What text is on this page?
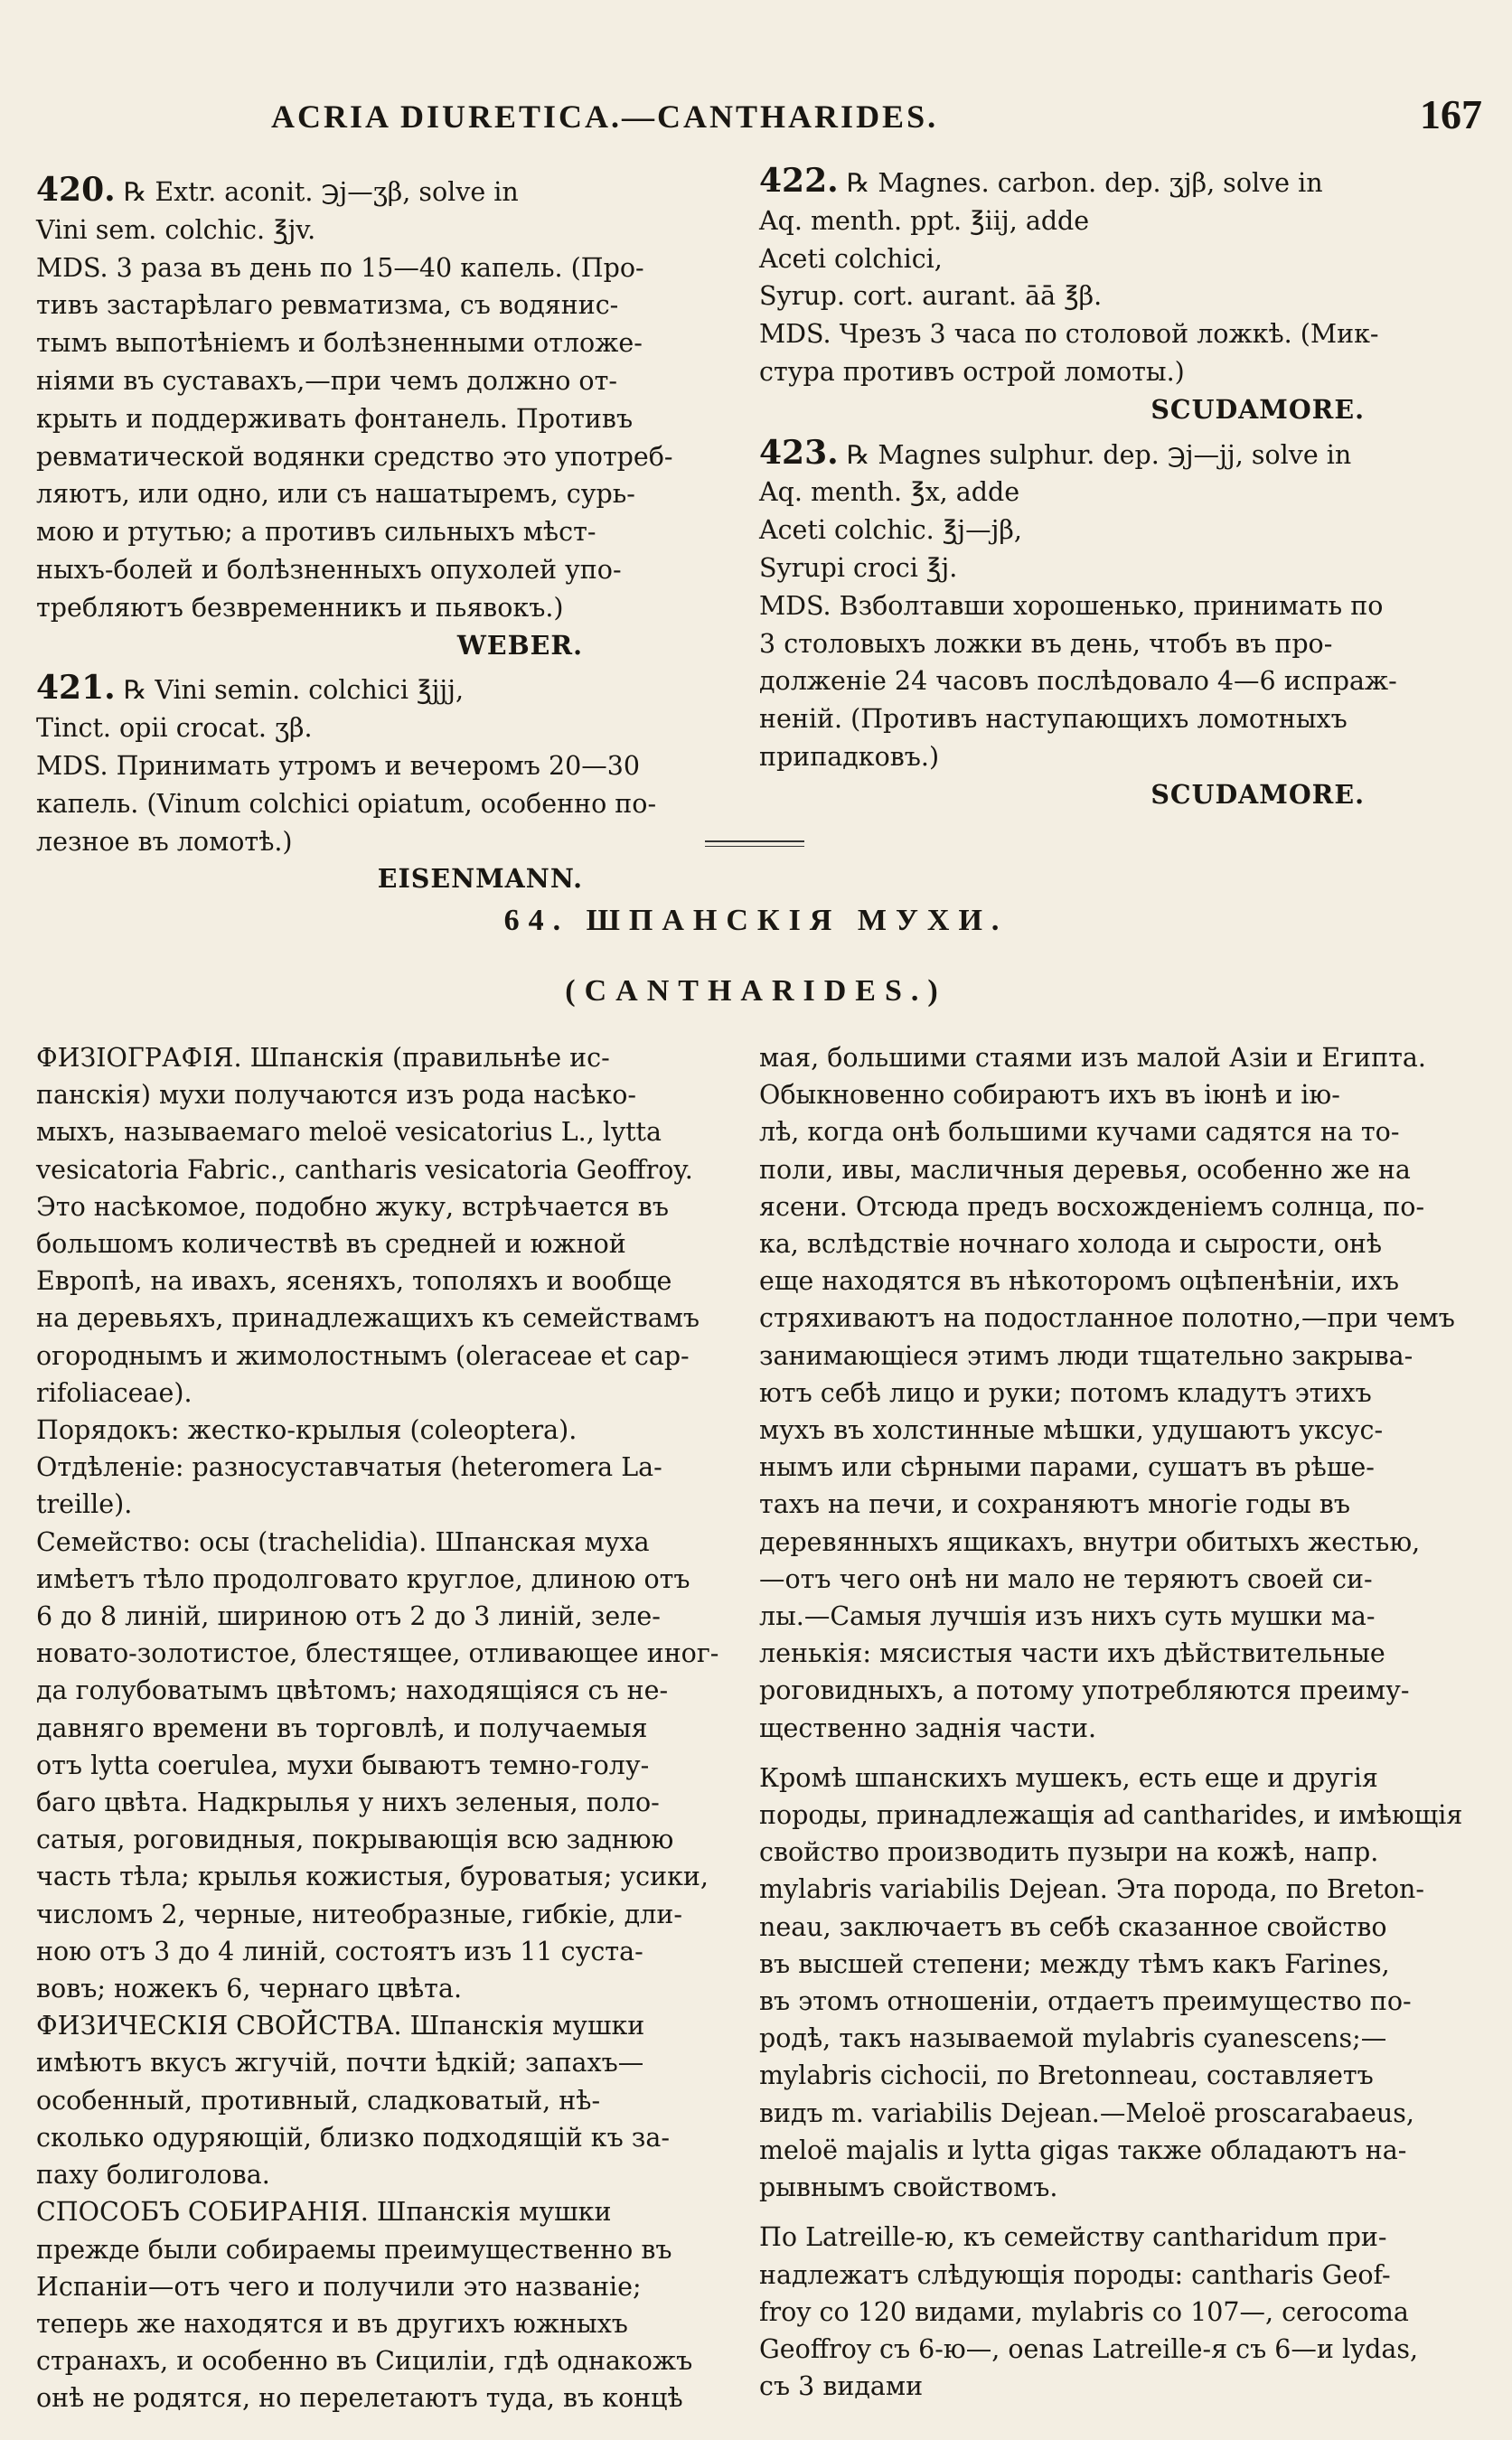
ACRIA DIURETICA.—CANTHARIDES.	167
420. ℞ Extr. aconit. ℈j—ʒβ, solve in
Vini sem. colchic. ℥jv.
MDS. 3 раза въ день по 15—40 капель. (Про-
тивъ застарѣлаго ревматизма, съ водянис-
тымъ выпотѣніемъ и болѣзненными отложе-
ніями въ суставахъ,—при чемъ должно от-
крыть и поддерживать фонтанель. Противъ
ревматической водянки средство это употреб-
ляютъ, или одно, или съ нашатыремъ, сурь-
мою и ртутью; а противъ сильныхъ мѣст-
ныхъ-болей и болѣзненныхъ опухолей упо-
требляютъ безвременникъ и пьявокъ.)
WEBER.
421. ℞ Vini semin. colchici ℥jjj,
Tinct. opii crocat. ʒβ.
MDS. Принимать утромъ и вечеромъ 20—30
капель. (Vinum colchici opiatum, особенно по-
лезное въ ломотѣ.)
EISENMANN.
422. ℞ Magnes. carbon. dep. ʒjβ, solve in
Aq. menth. ppt. ℥iij, adde
Aceti colchici,
Syrup. cort. aurant. āā ℥β.
MDS. Чрезъ 3 часа по столовой ложкѣ. (Мик-
стура противъ острой ломоты.)
SCUDAMORE.
423. ℞ Magnes sulphur. dep. ℈j—jj, solve in
Aq. menth. ℥x, adde
Aceti colchic. ℥j—jβ,
Syrupi croci ℥j.
MDS. Взболтавши хорошенько, принимать по
3 столовыхъ ложки въ день, чтобъ въ про-
долженіе 24 часовъ послѣдовало 4—6 испраж-
неній. (Противъ наступающихъ ломотныхъ
припадковъ.)
SCUDAMORE.
64. ШПАНСКІЯ МУХИ.
(CANTHARIDES.)
ФИЗІОГРАФІЯ. Шпанскія (правильнѣе ис-
панскія) мухи получаются изъ рода насѣко-
мыхъ, называемаго meloë vesicatorius L., lytta
vesicatoria Fabric., cantharis vesicatoria Geoffroy.
Это насѣкомое, подобно жуку, встрѣчается въ
большомъ количествѣ въ средней и южной
Европѣ, на ивахъ, ясеняхъ, тополяхъ и вообще
на деревьяхъ, принадлежащихъ къ семействамъ
огороднымъ и жимолостнымъ (oleraceae et cap-
rifoliaceae).
Порядокъ: жестко-крылыя (coleoptera).
Отдѣленіе: разносуставчатыя (heteromera La-
treille).
Семейство: осы (trachelidia). Шпанская муха
имѣетъ тѣло продолговато круглое, длиною отъ
6 до 8 линій, шириною отъ 2 до 3 линій, зеле-
новато-золотистое, блестящее, отливающее иног-
да голубоватымъ цвѣтомъ; находящіяся съ не-
давняго времени въ торговлѣ, и получаемыя
отъ lytta coerulea, мухи бываютъ темно-голу-
баго цвѣта. Надкрылья у нихъ зеленыя, поло-
сатыя, роговидныя, покрывающія всю заднюю
часть тѣла; крылья кожистыя, буроватыя; усики,
числомъ 2, черные, нитеобразные, гибкіе, дли-
ною отъ 3 до 4 линій, состоятъ изъ 11 суста-
вовъ; ножекъ 6, чернаго цвѣта.
ФИЗИЧЕСКІЯ СВОЙСТВА. Шпанскія мушки
имѣютъ вкусъ жгучій, почти ѣдкій; запахъ—
особенный, противный, сладковатый, нѣ-
сколько одуряющій, близко подходящій къ за-
паху болиголова.
СПОСОБЪ СОБИРАНІЯ. Шпанскія мушки
прежде были собираемы преимущественно въ
Испаніи—отъ чего и получили это названіе;
теперь же находятся и въ другихъ южныхъ
странахъ, и особенно въ Сициліи, гдѣ однакожъ
онѣ не родятся, но перелетаютъ туда, въ концѣ
мая, большими стаями изъ малой Азіи и Египта.
Обыкновенно собираютъ ихъ въ іюнѣ и ію-
лѣ, когда онѣ большими кучами садятся на то-
поли, ивы, масличныя деревья, особенно же на
ясени. Отсюда предъ восхожденіемъ солнца, по-
ка, вслѣдствіе ночнаго холода и сырости, онѣ
еще находятся въ нѣкоторомъ оцѣпенѣніи, ихъ
стряхиваютъ на подостланное полотно,—при чемъ
занимающіеся этимъ люди тщательно закрыва-
ютъ себѣ лицо и руки; потомъ кладутъ этихъ
мухъ въ холстинные мѣшки, удушаютъ уксус-
нымъ или сѣрными парами, сушатъ въ рѣше-
тахъ на печи, и сохраняютъ многіе годы въ
деревянныхъ ящикахъ, внутри обитыхъ жестью,
—отъ чего онѣ ни мало не теряютъ своей си-
лы.—Самыя лучшія изъ нихъ суть мушки ма-
ленькія: мясистыя части ихъ дѣйствительные
роговидныхъ, а потому употребляются преиму-
щественно заднія части.
Кромѣ шпанскихъ мушекъ, есть еще и другія
породы, принадлежащія ad cantharides, и имѣющія
свойство производить пузыри на кожѣ, напр.
mylabris variabilis Dejean. Эта порода, по Breton-
neau, заключаетъ въ себѣ сказанное свойство
въ высшей степени; между тѣмъ какъ Farines,
въ этомъ отношеніи, отдаетъ преимущество по-
родѣ, такъ называемой mylabris cyanescens;—
mylabris cichocii, по Bretonneau, составляетъ
видъ m. variabilis Dejean.—Meloë proscarabaeus,
meloë majalis и lytta gigas также обладаютъ на-
рывнымъ свойствомъ.
По Latreille-ю, къ семейству cantharidum при-
надлежатъ слѣдующія породы: cantharis Geof-
froy со 120 видами, mylabris со 107—, cerocoma
Geoffroy съ 6-ю—, oenas Latreille-я съ 6—и lydas,
съ 3 видами
